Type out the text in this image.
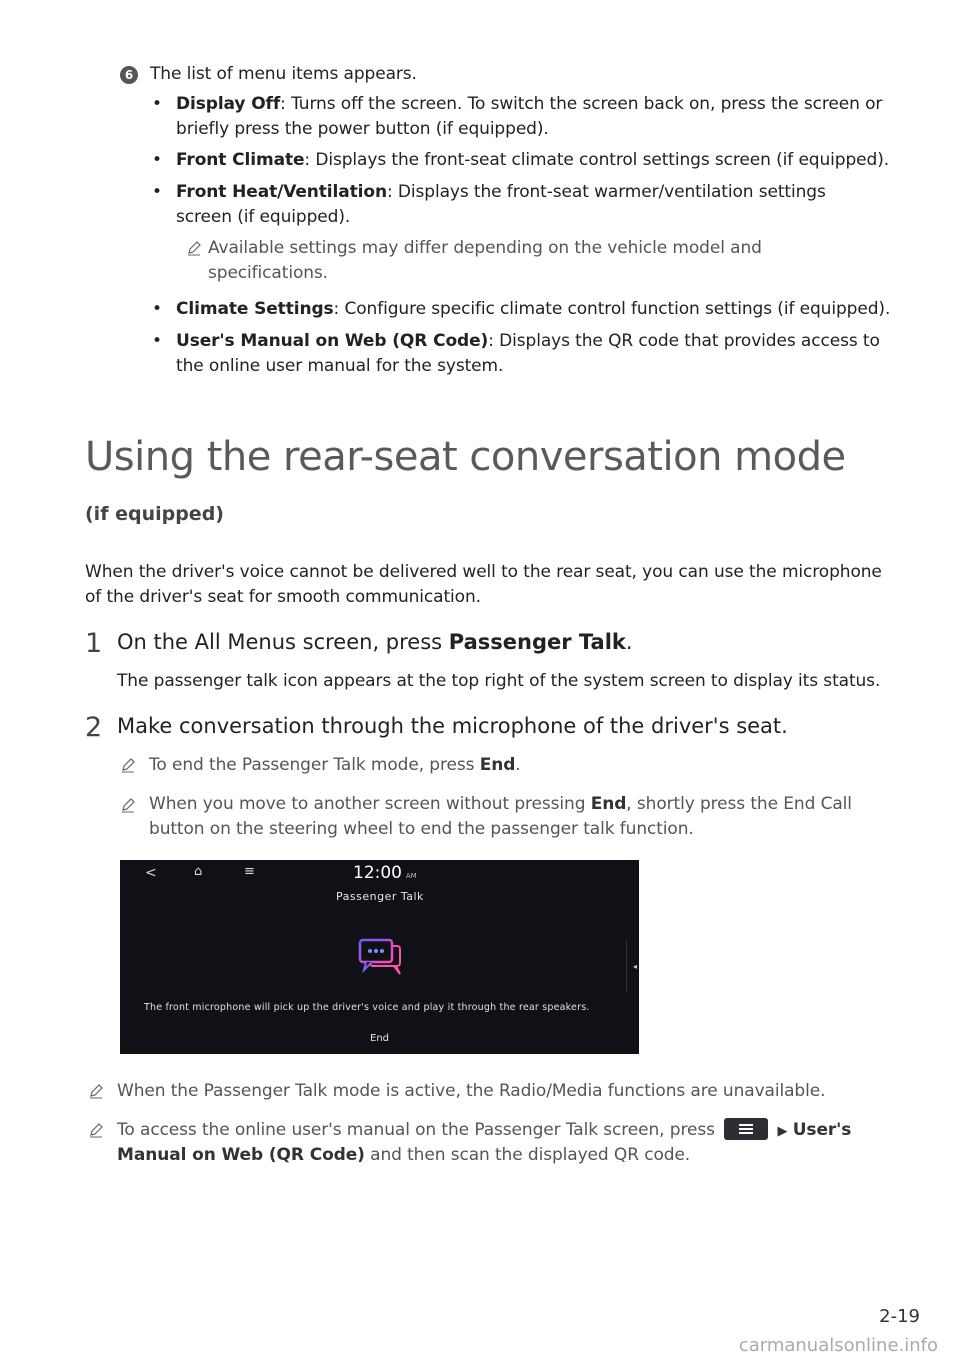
6 The list of menu items appears.
• Display Off: Turns off the screen. To switch the screen back on, press the screen or
briefly press the power button (if equipped).
• Front Climate: Displays the front-seat climate control settings screen (if equipped).
• Front Heat/Ventilation: Displays the front-seat warmer/ventilation settings
screen (if equipped).
Available settings may differ depending on the vehicle model and
specifications.
• Climate Settings: Configure specific climate control function settings (if equipped).
• User's Manual on Web (QR Code): Displays the QR code that provides access to
the online user manual for the system.
Using the rear-seat conversation mode
(if equipped)
When the driver's voice cannot be delivered well to the rear seat, you can use the microphone
of the driver's seat for smooth communication.
1 On the All Menus screen, press Passenger Talk.
The passenger talk icon appears at the top right of the system screen to display its status.
2 Make conversation through the microphone of the driver's seat.
To end the Passenger Talk mode, press End.
When you move to another screen without pressing End, shortly press the End Call
button on the steering wheel to end the passenger talk function.
<	⌂	≡	12:00 AM
Passenger Talk
The front microphone will pick up the driver's voice and play it through the rear speakers.
End
◂
When the Passenger Talk mode is active, the Radio/Media functions are unavailable.
To access the online user's manual on the Passenger Talk screen, press	▶ User's
Manual on Web (QR Code) and then scan the displayed QR code.
2-19
carmanualsonline.info
